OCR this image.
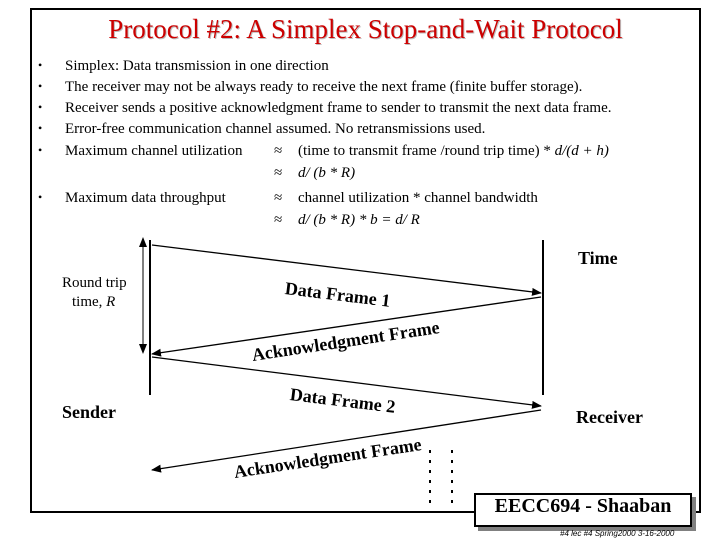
Protocol #2: A Simplex Stop-and-Wait Protocol
• Simplex: Data transmission in one direction
• The receiver may not be always ready to receive the next frame (finite buffer storage).
• Receiver sends a positive acknowledgment frame to sender to transmit the next data frame.
• Error-free communication channel assumed. No retransmissions used.
• Maximum channel utilization ≈ (time to transmit frame /round trip time) * d/(d + h)
≈ d/ (b * R)
• Maximum data throughput	≈ channel utilization * channel bandwidth
≈ d/ (b * R) * b = d/ R
Time
Round trip
time, R	Data Frame 1
Acknowledgment Frame
Data Frame 2
Acknowledgment Frame
Sender	Receiver
EECC694 - Shaaban
#4 lec #4 Spring2000 3-16-2000
